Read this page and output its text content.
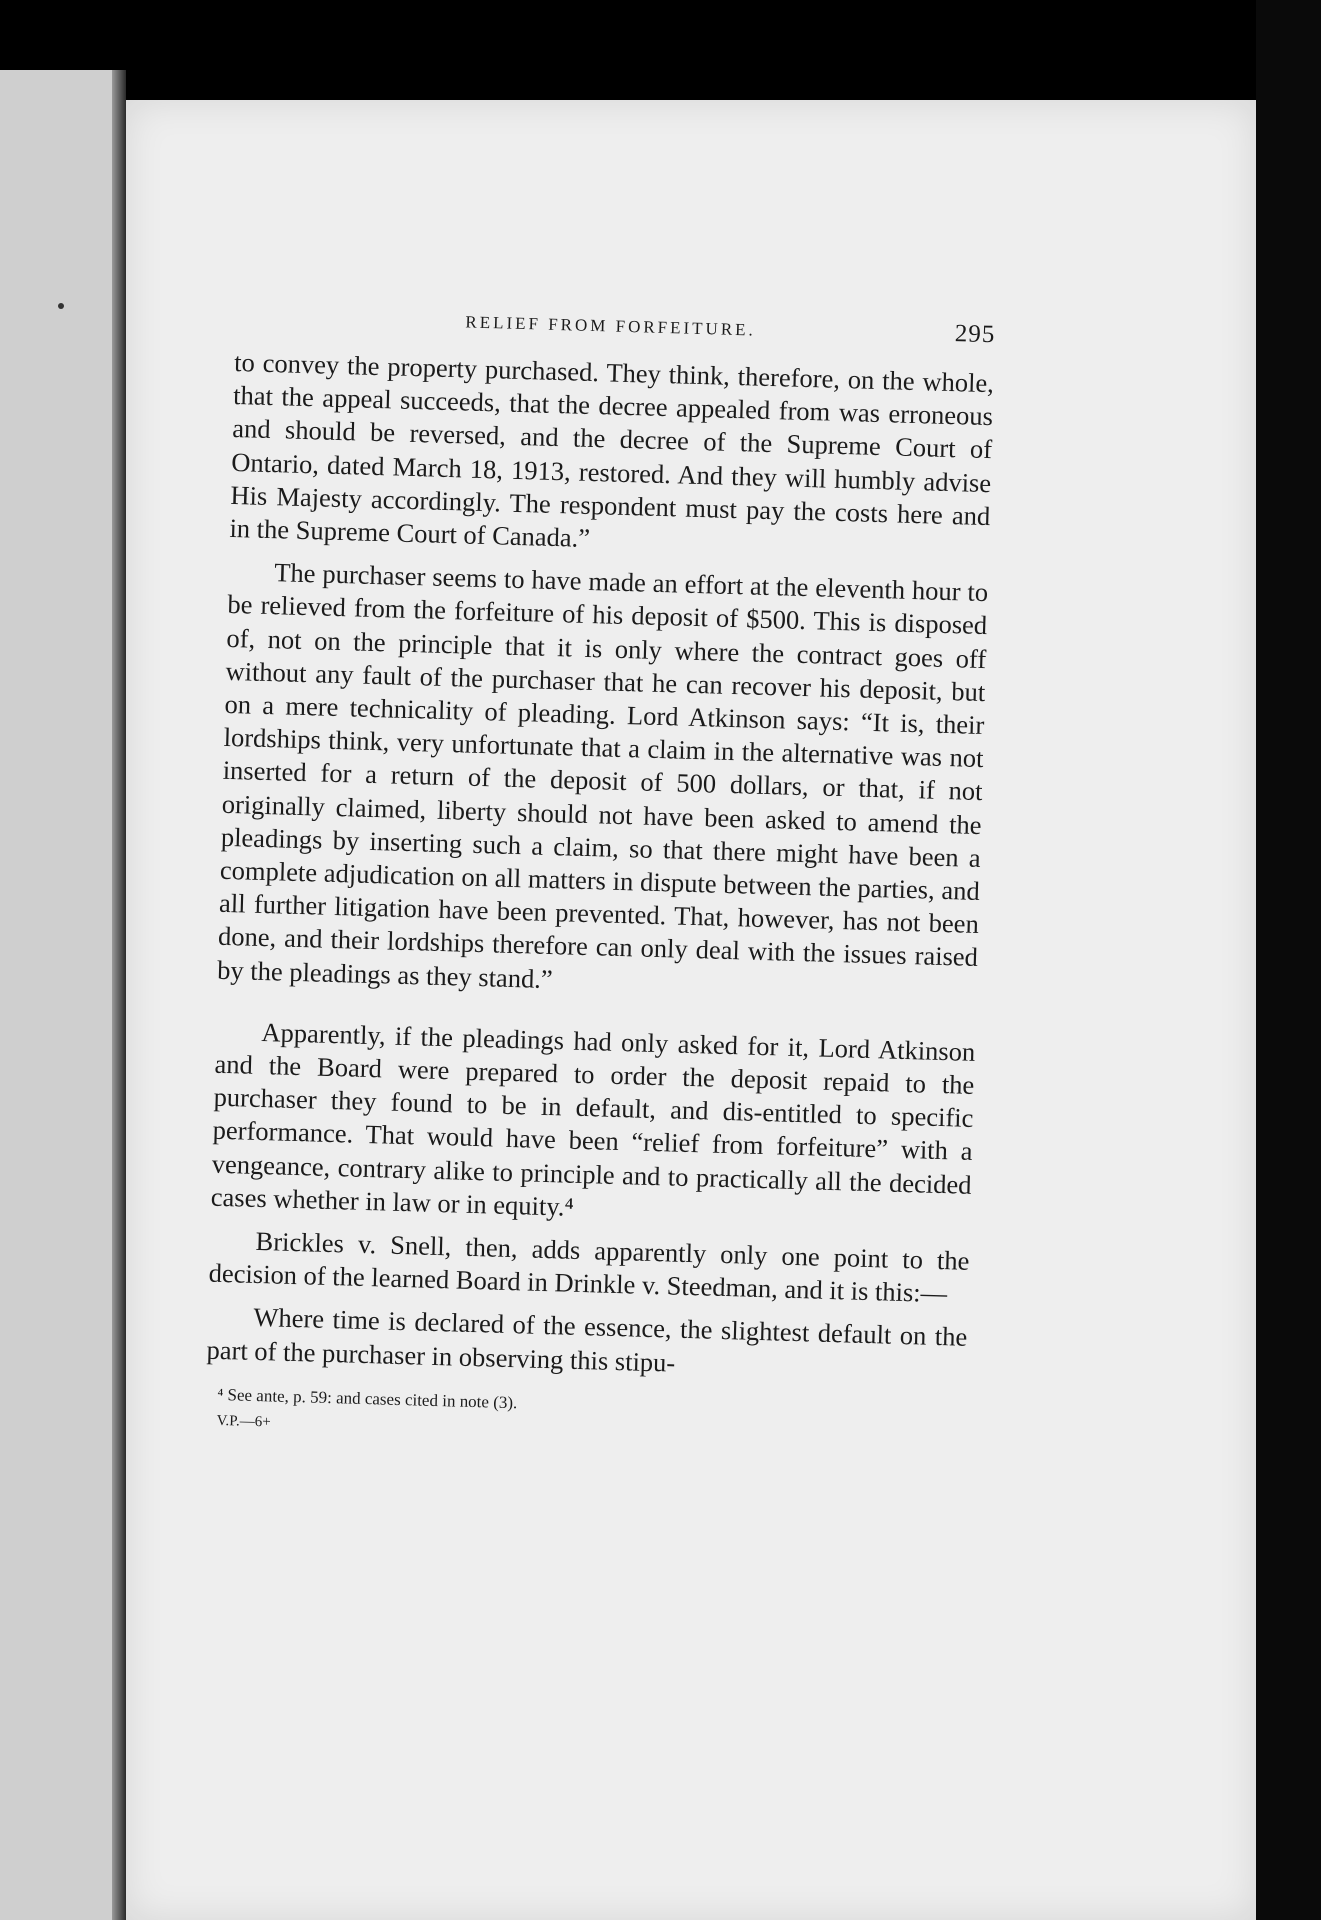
RELIEF FROM FORFEITURE.	295

to convey the property purchased. They think, therefore, on the whole, that the appeal succeeds, that the decree appealed from was erroneous and should be reversed, and the decree of the Supreme Court of Ontario, dated March 18, 1913, restored. And they will humbly advise His Majesty accordingly. The respondent must pay the costs here and in the Supreme Court of Canada.”

The purchaser seems to have made an effort at the eleventh hour to be relieved from the forfeiture of his deposit of $500. This is disposed of, not on the principle that it is only where the contract goes off without any fault of the purchaser that he can recover his deposit, but on a mere technicality of pleading. Lord Atkinson says: “It is, their lordships think, very unfortunate that a claim in the alternative was not inserted for a return of the deposit of 500 dollars, or that, if not originally claimed, liberty should not have been asked to amend the pleadings by inserting such a claim, so that there might have been a complete adjudication on all matters in dispute between the parties, and all further litigation have been prevented. That, however, has not been done, and their lordships therefore can only deal with the issues raised by the pleadings as they stand.”

Apparently, if the pleadings had only asked for it, Lord Atkinson and the Board were prepared to order the deposit repaid to the purchaser they found to be in default, and dis-entitled to specific performance. That would have been “relief from forfeiture” with a vengeance, contrary alike to principle and to practically all the decided cases whether in law or in equity.⁴

Brickles v. Snell, then, adds apparently only one point to the decision of the learned Board in Drinkle v. Steedman, and it is this:—

Where time is declared of the essence, the slightest default on the part of the purchaser in observing this stipu-

⁴ See ante, p. 59: and cases cited in note (3).
V.P.—6+
